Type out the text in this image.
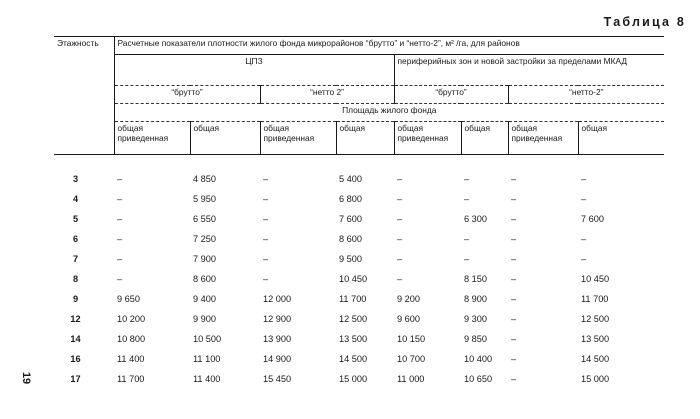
Таблица 8
Этажность	Расчетные показатели плотности жилого фонда микрорайонов “брутто” и “нетто-2”, м² /га, для районов							
	ЦПЗ				периферийных зон и новой застройки за пределами МКАД			
	“брутто”		“нетто 2”		“брутто”		“нетто-2”	
	Площадь жилого фонда							
	общая приведенная	общая	общая приведенная	общая	общая приведенная	общая	общая приведенная	общая
3	–	4 850	–	5 400	–	–	–	–
4	–	5 950	–	6 800	–	–	–	–
5	–	6 550	–	7 600	–	6 300	–	7 600
6	–	7 250	–	8 600	–	–	–	–
7	–	7 900	–	9 500	–	–	–	–
8	–	8 600	–	10 450	–	8 150	–	10 450
9	9 650	9 400	12 000	11 700	9 200	8 900	–	11 700
12	10 200	9 900	12 900	12 500	9 600	9 300	–	12 500
14	10 800	10 500	13 900	13 500	10 150	9 850	–	13 500
16	11 400	11 100	14 900	14 500	10 700	10 400	–	14 500
17	11 700	11 400	15 450	15 000	11 000	10 650	–	15 000
19
